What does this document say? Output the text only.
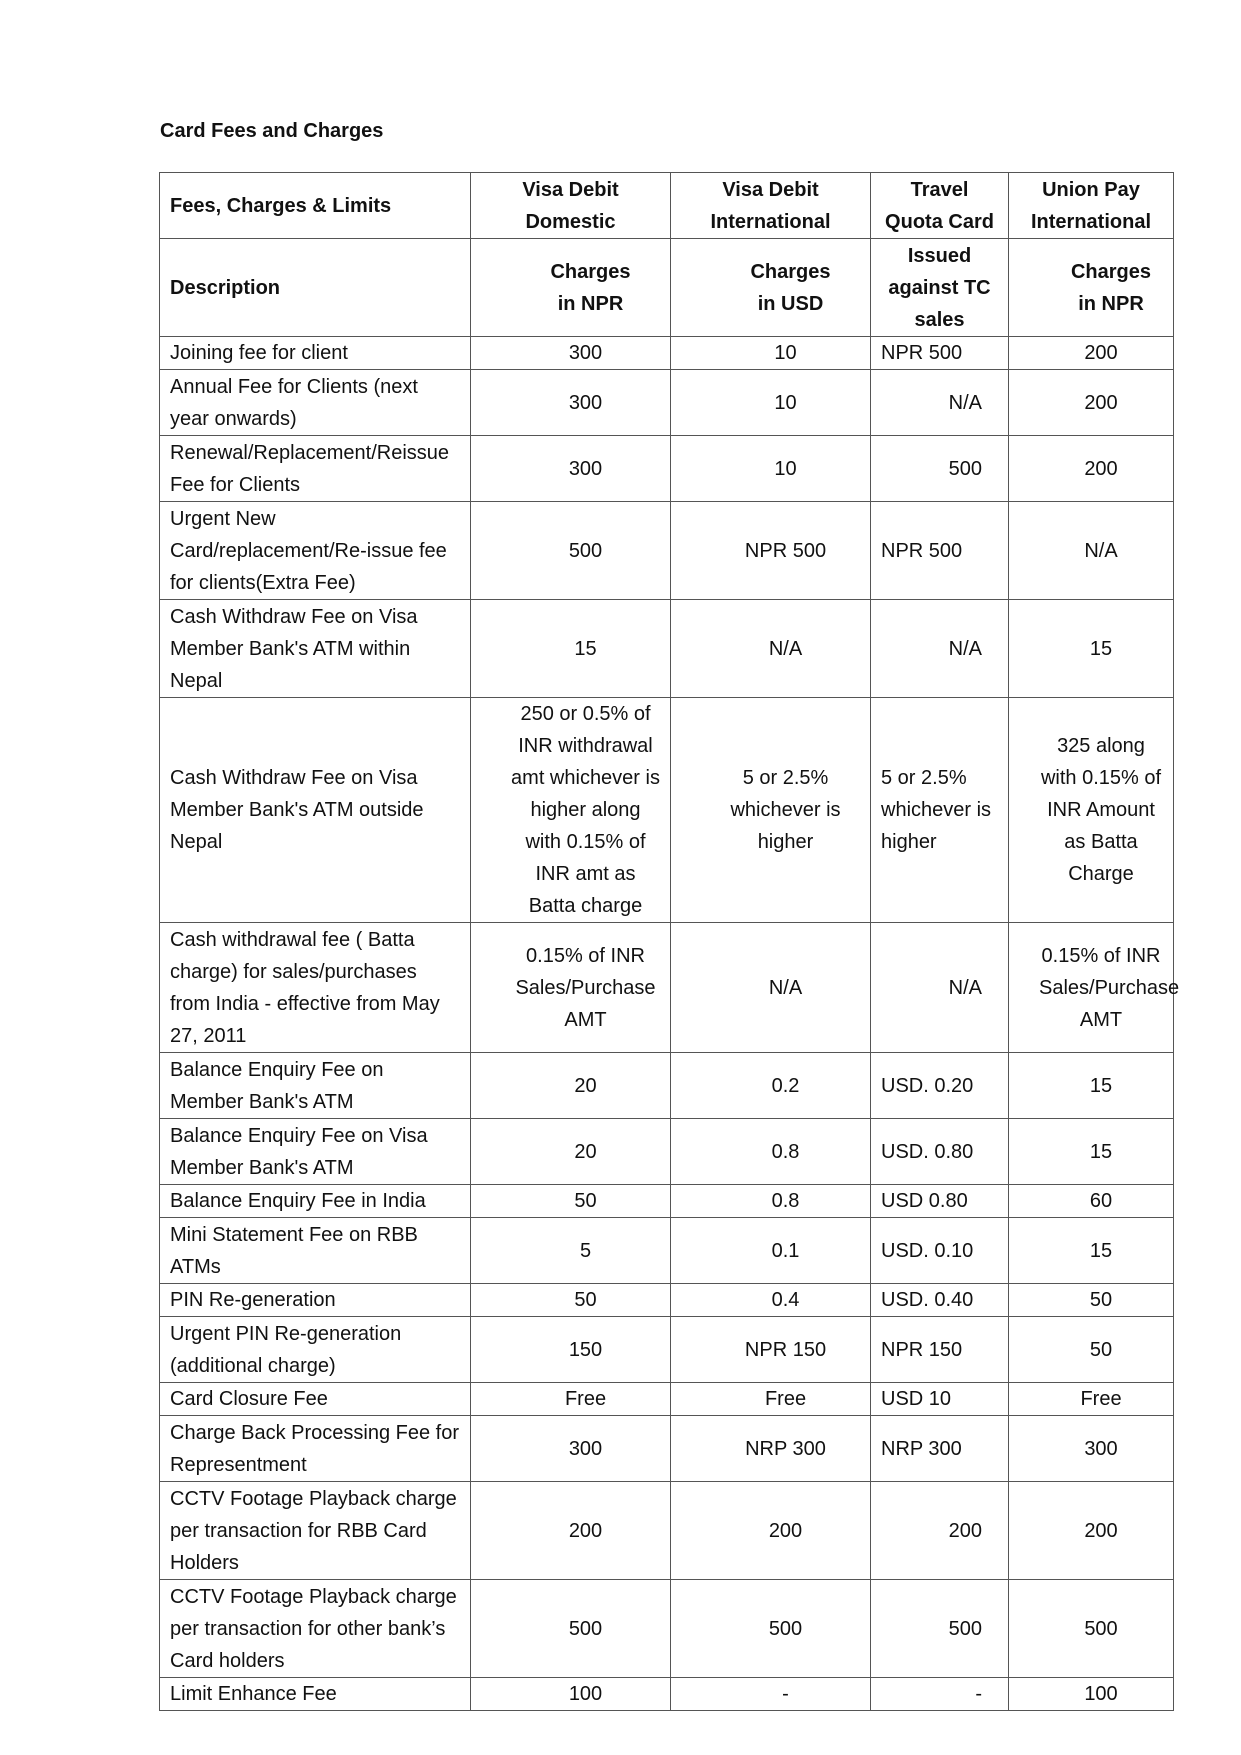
Card Fees and Charges
Fees, Charges & Limits	Visa Debit Domestic	Visa Debit International	Travel Quota Card	Union Pay International
Description	Charges in NPR	Charges in USD	Issued against TC sales	Charges in NPR
Joining fee for client	300	10	NPR 500	200
Annual Fee for Clients (next year onwards)	300	10	N/A	200
Renewal/Replacement/Reissue Fee for Clients	300	10	500	200
Urgent New Card/replacement/Re-issue fee for clients(Extra Fee)	500	NPR 500	NPR 500	N/A
Cash Withdraw Fee on Visa Member Bank's ATM within Nepal	15	N/A	N/A	15
Cash Withdraw Fee on Visa Member Bank's ATM outside Nepal	250 or 0.5% of INR withdrawal amt whichever is higher along with 0.15% of INR amt as Batta charge	5 or 2.5% whichever is higher	5 or 2.5% whichever is higher	325 along with 0.15% of INR Amount as Batta Charge
Cash withdrawal fee ( Batta charge) for sales/purchases from India - effective from May 27, 2011	0.15% of INR Sales/Purchase AMT	N/A	N/A	0.15% of INR Sales/Purchase AMT
Balance Enquiry Fee on Member Bank's ATM	20	0.2	USD. 0.20	15
Balance Enquiry Fee on Visa Member Bank's ATM	20	0.8	USD. 0.80	15
Balance Enquiry Fee in India	50	0.8	USD 0.80	60
Mini Statement Fee on RBB ATMs	5	0.1	USD. 0.10	15
PIN Re-generation	50	0.4	USD. 0.40	50
Urgent PIN Re-generation (additional charge)	150	NPR 150	NPR 150	50
Card Closure Fee	Free	Free	USD 10	Free
Charge Back Processing Fee for Representment	300	NRP 300	NRP 300	300
CCTV Footage Playback charge per transaction for RBB Card Holders	200	200	200	200
CCTV Footage Playback charge per transaction for other bank’s Card holders	500	500	500	500
Limit Enhance Fee	100	-	-	100
